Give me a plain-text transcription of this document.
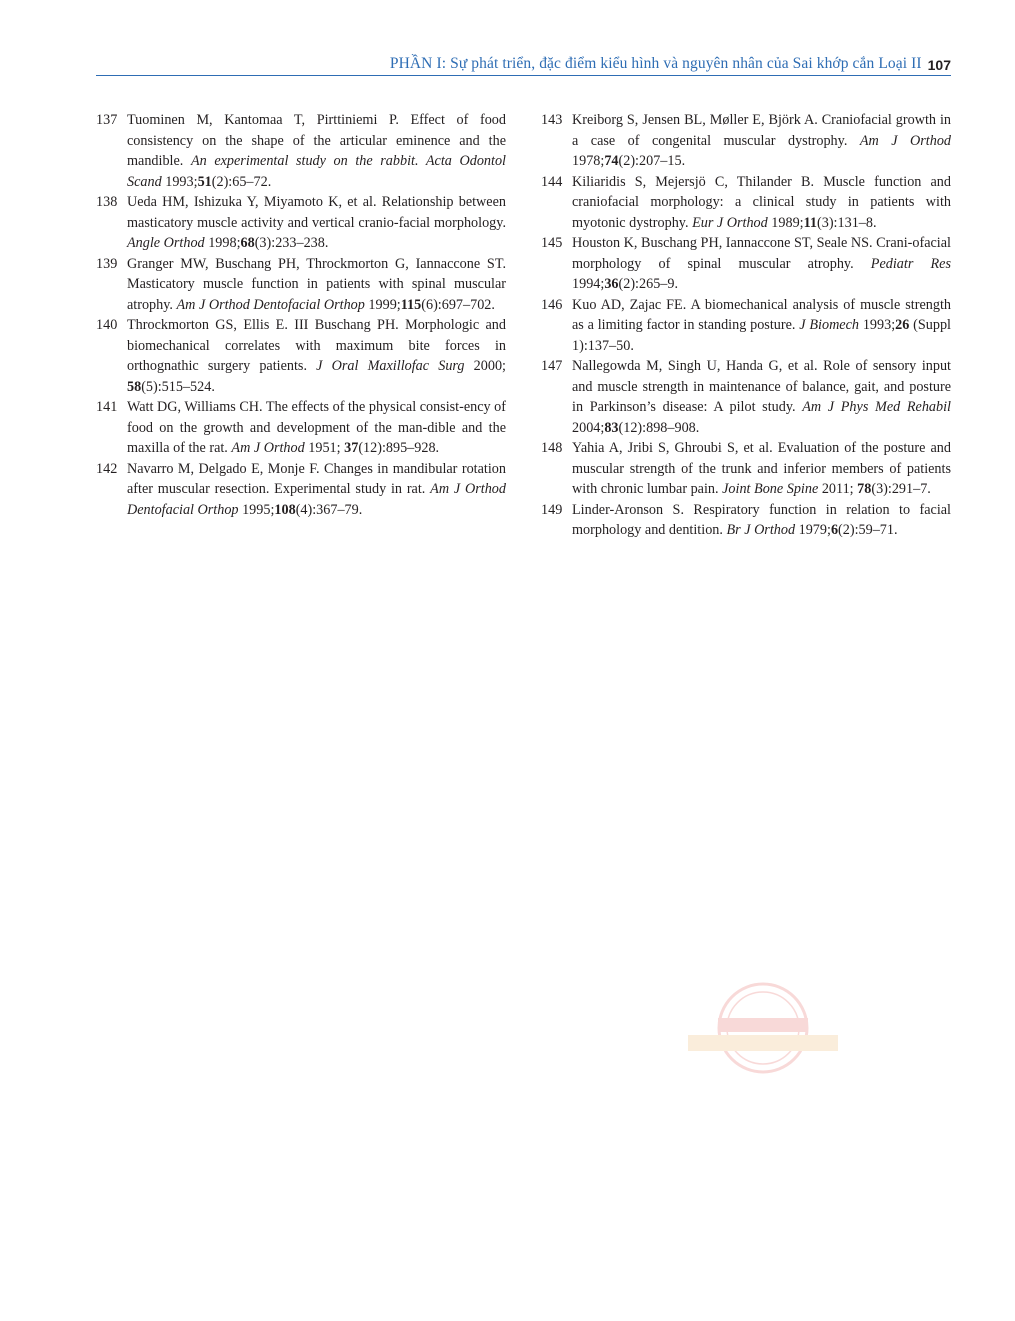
PHẦN I: Sự phát triển, đặc điểm kiểu hình và nguyên nhân của Sai khớp cắn Loại II 107
137 Tuominen M, Kantomaa T, Pirttiniemi P. Effect of food consistency on the shape of the articular eminence and the mandible. An experimental study on the rabbit. Acta Odontol Scand 1993;51(2):65–72.
138 Ueda HM, Ishizuka Y, Miyamoto K, et al. Relationship between masticatory muscle activity and vertical cranio-facial morphology. Angle Orthod 1998;68(3):233–238.
139 Granger MW, Buschang PH, Throckmorton G, Iannaccone ST. Masticatory muscle function in patients with spinal muscular atrophy. Am J Orthod Dentofacial Orthop 1999;115(6):697–702.
140 Throckmorton GS, Ellis E. III Buschang PH. Morphologic and biomechanical correlates with maximum bite forces in orthognathic surgery patients. J Oral Maxillofac Surg 2000; 58(5):515–524.
141 Watt DG, Williams CH. The effects of the physical consist-ency of food on the growth and development of the man-dible and the maxilla of the rat. Am J Orthod 1951; 37(12):895–928.
142 Navarro M, Delgado E, Monje F. Changes in mandibular rotation after muscular resection. Experimental study in rat. Am J Orthod Dentofacial Orthop 1995;108(4):367–79.
143 Kreiborg S, Jensen BL, Møller E, Björk A. Craniofacial growth in a case of congenital muscular dystrophy. Am J Orthod 1978;74(2):207–15.
144 Kiliaridis S, Mejersjö C, Thilander B. Muscle function and craniofacial morphology: a clinical study in patients with myotonic dystrophy. Eur J Orthod 1989;11(3):131–8.
145 Houston K, Buschang PH, Iannaccone ST, Seale NS. Crani-ofacial morphology of spinal muscular atrophy. Pediatr Res 1994;36(2):265–9.
146 Kuo AD, Zajac FE. A biomechanical analysis of muscle strength as a limiting factor in standing posture. J Biomech 1993;26 (Suppl 1):137–50.
147 Nallegowda M, Singh U, Handa G, et al. Role of sensory input and muscle strength in maintenance of balance, gait, and posture in Parkinson’s disease: A pilot study. Am J Phys Med Rehabil 2004;83(12):898–908.
148 Yahia A, Jribi S, Ghroubi S, et al. Evaluation of the posture and muscular strength of the trunk and inferior members of patients with chronic lumbar pain. Joint Bone Spine 2011; 78(3):291–7.
149 Linder-Aronson S. Respiratory function in relation to facial morphology and dentition. Br J Orthod 1979;6(2):59–71.
